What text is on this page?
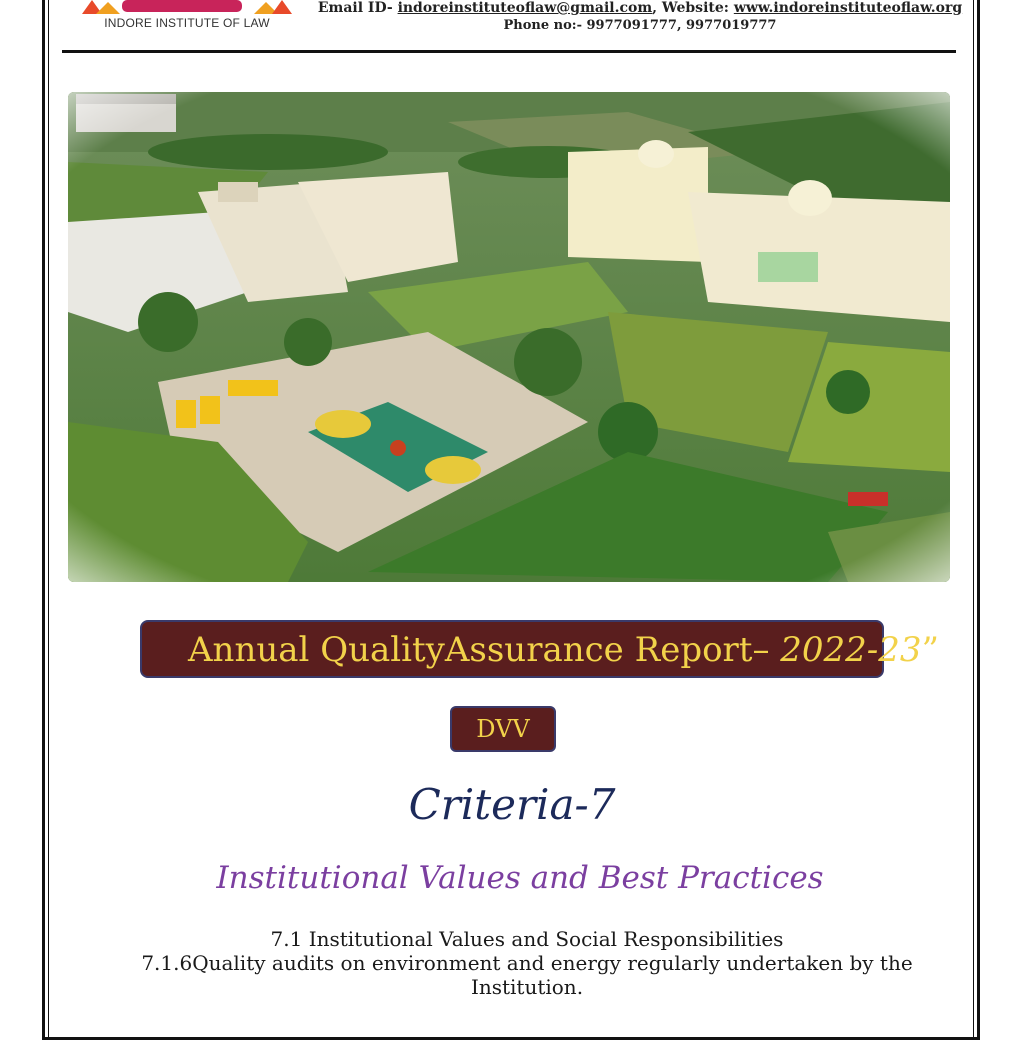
INDORE INSTITUTE OF LAW
Email ID- indoreinstituteoflaw@gmail.com, Website: www.indoreinstituteoflaw.org
Phone no:- 9977091777, 9977019777
Annual QualityAssurance Report– 2022-23”
DVV
Criteria-7
Institutional Values and Best Practices
7.1 Institutional Values and Social Responsibilities
7.1.6Quality audits on environment and energy regularly undertaken by the
Institution.
